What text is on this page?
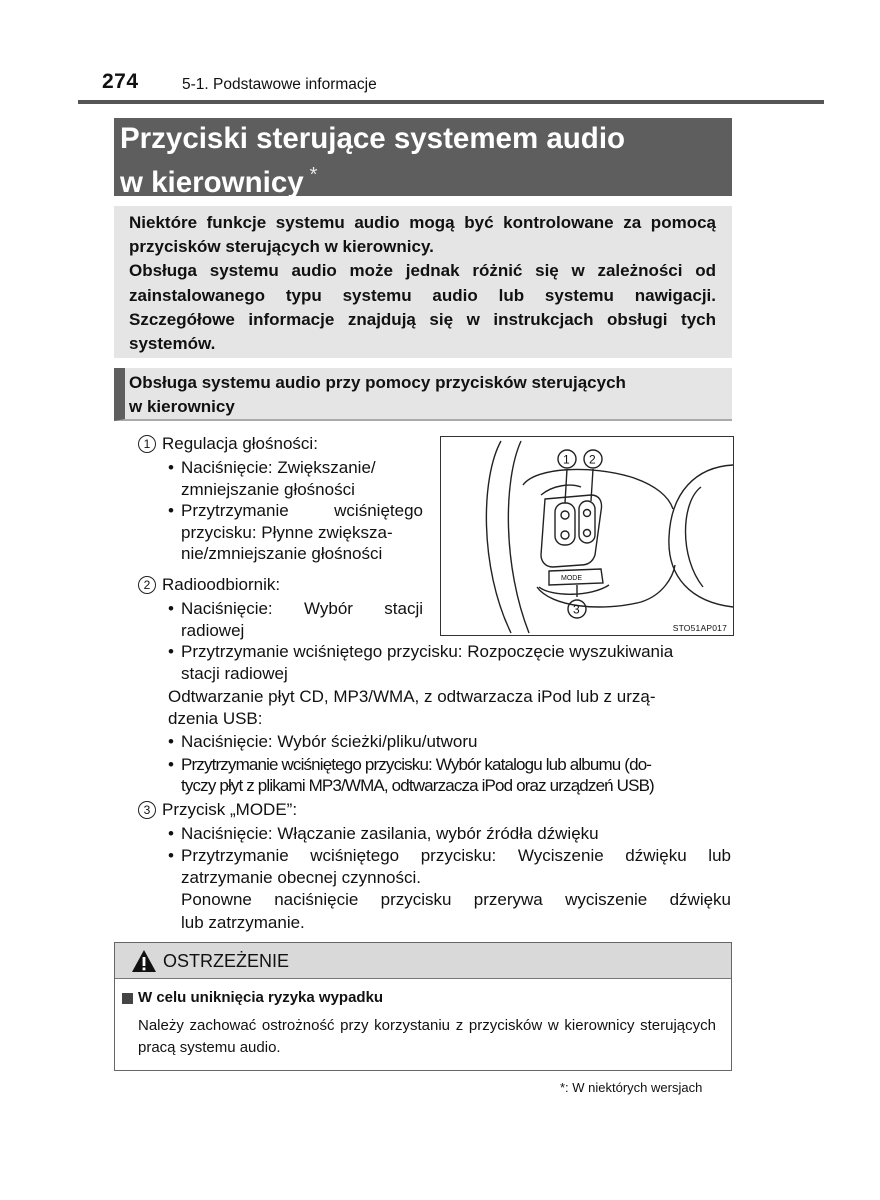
274	5-1. Podstawowe informacje
Przyciski sterujące systemem audio
w kierownicy *

Niektóre funkcje systemu audio mogą być kontrolowane za pomocą przycisków sterujących w kierownicy.

Obsługa systemu audio może jednak różnić się w zależności od zainstalowanego typu systemu audio lub systemu nawigacji. Szczegółowe informacje znajdują się w instrukcjach obsługi tych systemów.

Obsługa systemu audio przy pomocy przycisków sterujących
w kierownicy
1 Regulacja głośności:
• Naciśnięcie: Zwiększanie/
zmniejszanie głośności
• Przytrzymanie wciśniętego
przycisku: Płynne zwiększa-
nie/zmniejszanie głośności
2 Radioodbiornik:
• Naciśnięcie: Wybór stacji
radiowej
• Przytrzymanie wciśniętego przycisku: Rozpoczęcie wyszukiwania
stacji radiowej
Odtwarzanie płyt CD, MP3/WMA, z odtwarzacza iPod lub z urzą-
dzenia USB:
• Naciśnięcie: Wybór ścieżki/pliku/utworu
• Przytrzymanie wciśniętego przycisku: Wybór katalogu lub albumu (do-
tyczy płyt z plikami MP3/WMA, odtwarzacza iPod oraz urządzeń USB)
3 Przycisk „MODE”:
• Naciśnięcie: Włączanie zasilania, wybór źródła dźwięku
• Przytrzymanie wciśniętego przycisku: Wyciszenie dźwięku lub
zatrzymanie obecnej czynności.
Ponowne naciśnięcie przycisku przerywa wyciszenie dźwięku
lub zatrzymanie.
1 2
3
MODE
STO51AP017
OSTRZEŻENIE
W celu uniknięcia ryzyka wypadku
Należy zachować ostrożność przy korzystaniu z przycisków w kierownicy sterujących pracą systemu audio.
*: W niektórych wersjach
